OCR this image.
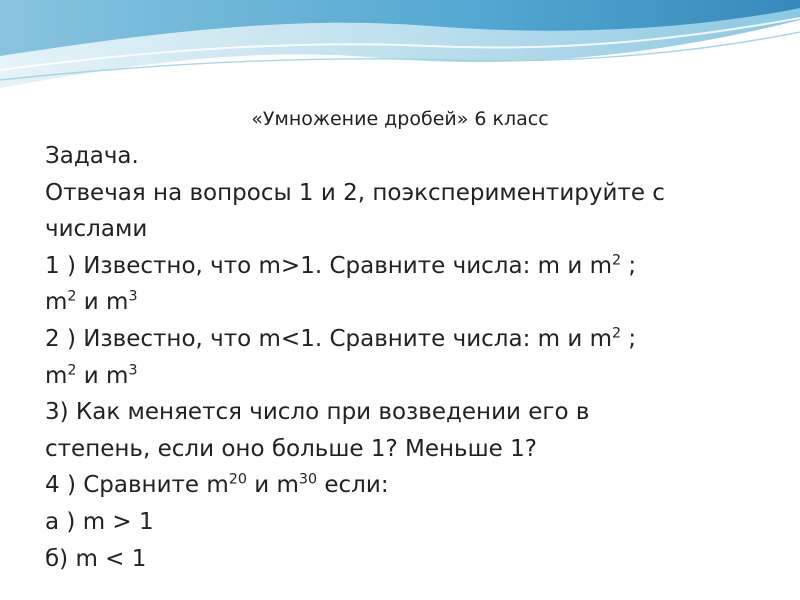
«Умножение дробей» 6 класс
Задача.
Отвечая на вопросы 1 и 2, поэкспериментируйте с
числами
1 ) Известно, что m>1. Сравните числа: m и $m^2$ ;
$m^2$ и $m^3$
2 ) Известно, что m<1. Сравните числа: m и $m^2$ ;
$m^2$ и $m^3$
3) Как меняется число при возведении его в
степень, если оно больше 1? Меньше 1?
4 ) Сравните $m^{20}$ и $m^{30}$ если:
а ) m > 1
б) m < 1
